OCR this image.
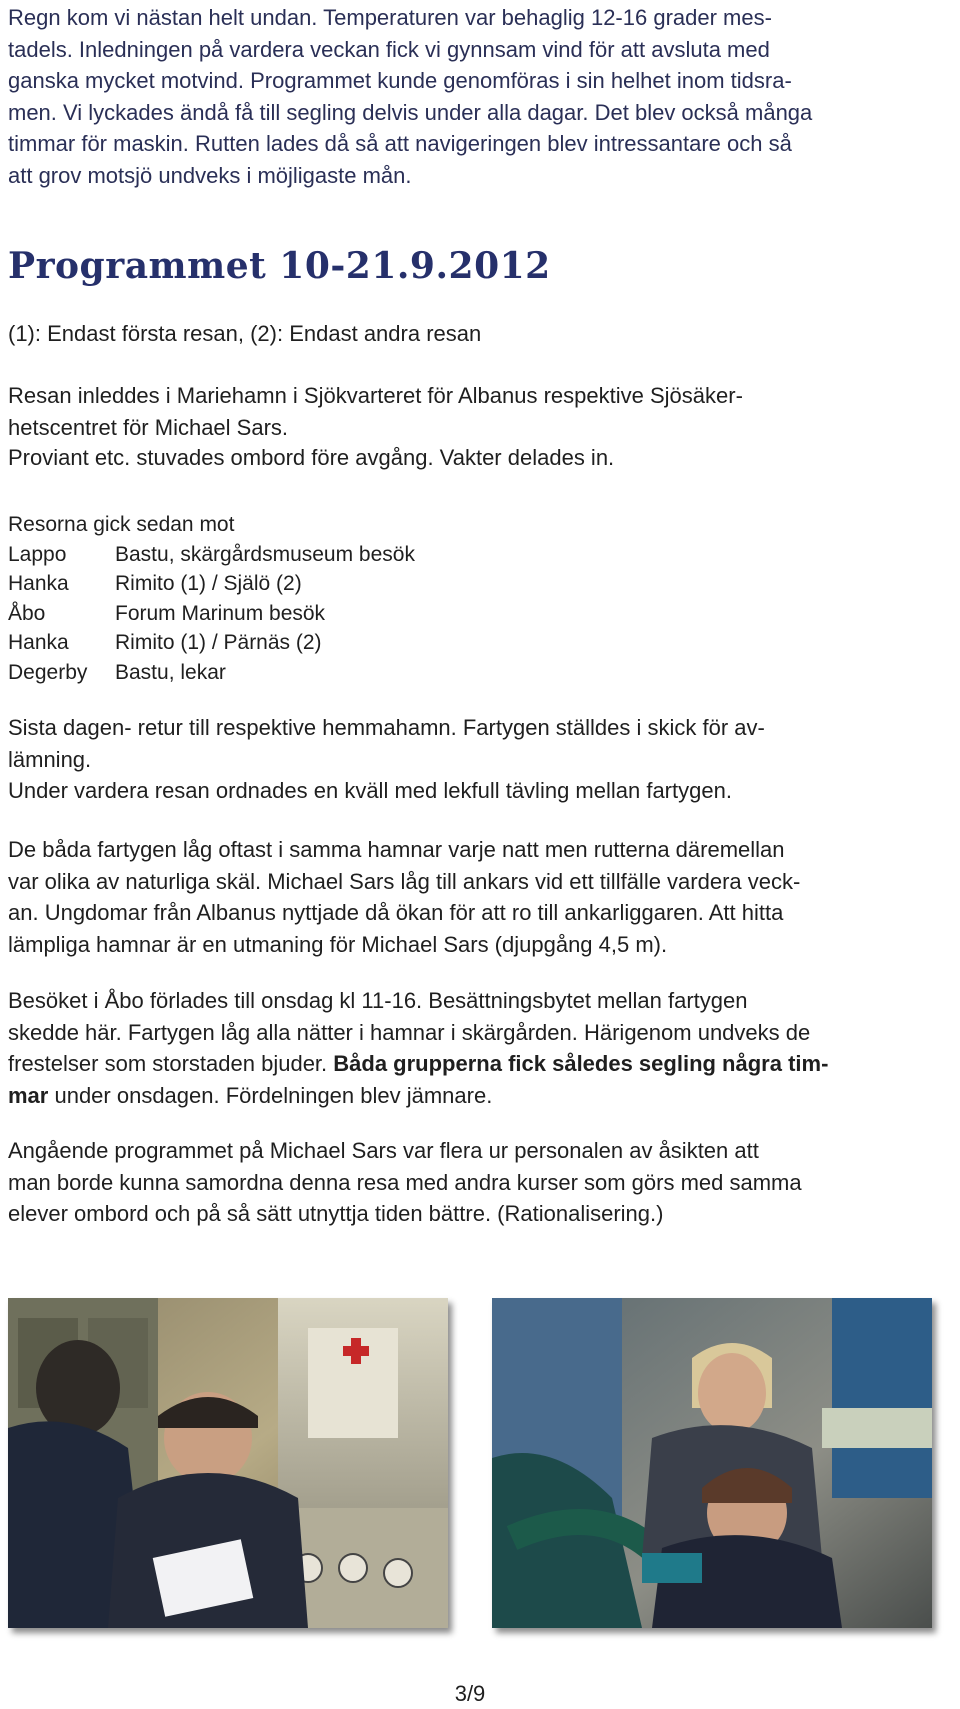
Regn kom vi nästan helt undan. Temperaturen var behaglig 12-16 grader mes-
tadels. Inledningen på vardera veckan fick vi gynnsam vind för att avsluta med
ganska mycket motvind. Programmet kunde genomföras i sin helhet inom tidsra-
men. Vi lyckades ändå få till segling delvis under alla dagar. Det blev också många
timmar för maskin. Rutten lades då så att navigeringen blev intressantare och så
att grov motsjö undveks i möjligaste mån.

Programmet 10-21.9.2012

(1): Endast första resan, (2): Endast andra resan

Resan inleddes i Mariehamn i Sjökvarteret för Albanus respektive Sjösäker-
hetscentret för Michael Sars.

Proviant etc. stuvades ombord före avgång. Vakter delades in.

Resorna gick sedan mot
Lappo	Bastu, skärgårdsmuseum besök
Hanka	Rimito (1) / Själö (2)
Åbo	Forum Marinum besök
Hanka	Rimito (1) / Pärnäs (2)
Degerby	Bastu, lekar

Sista dagen- retur till respektive hemmahamn. Fartygen ställdes i skick för av-
lämning.
Under vardera resan ordnades en kväll med lekfull tävling mellan fartygen.

De båda fartygen låg oftast i samma hamnar varje natt men rutterna däremellan
var olika av naturliga skäl. Michael Sars låg till ankars vid ett tillfälle vardera veck-
an. Ungdomar från Albanus nyttjade då ökan för att ro till ankarliggaren. Att hitta
lämpliga hamnar är en utmaning för Michael Sars (djupgång 4,5 m).

Besöket i Åbo förlades till onsdag kl 11-16. Besättningsbytet mellan fartygen
skedde här. Fartygen låg alla nätter i hamnar i skärgården. Härigenom undveks de
frestelser som storstaden bjuder. Båda grupperna fick således segling några tim-
mar under onsdagen. Fördelningen blev jämnare.

Angående programmet på Michael Sars var flera ur personalen av åsikten att
man borde kunna samordna denna resa med andra kurser som görs med samma
elever ombord och på så sätt utnyttja tiden bättre. (Rationalisering.)

3/9
